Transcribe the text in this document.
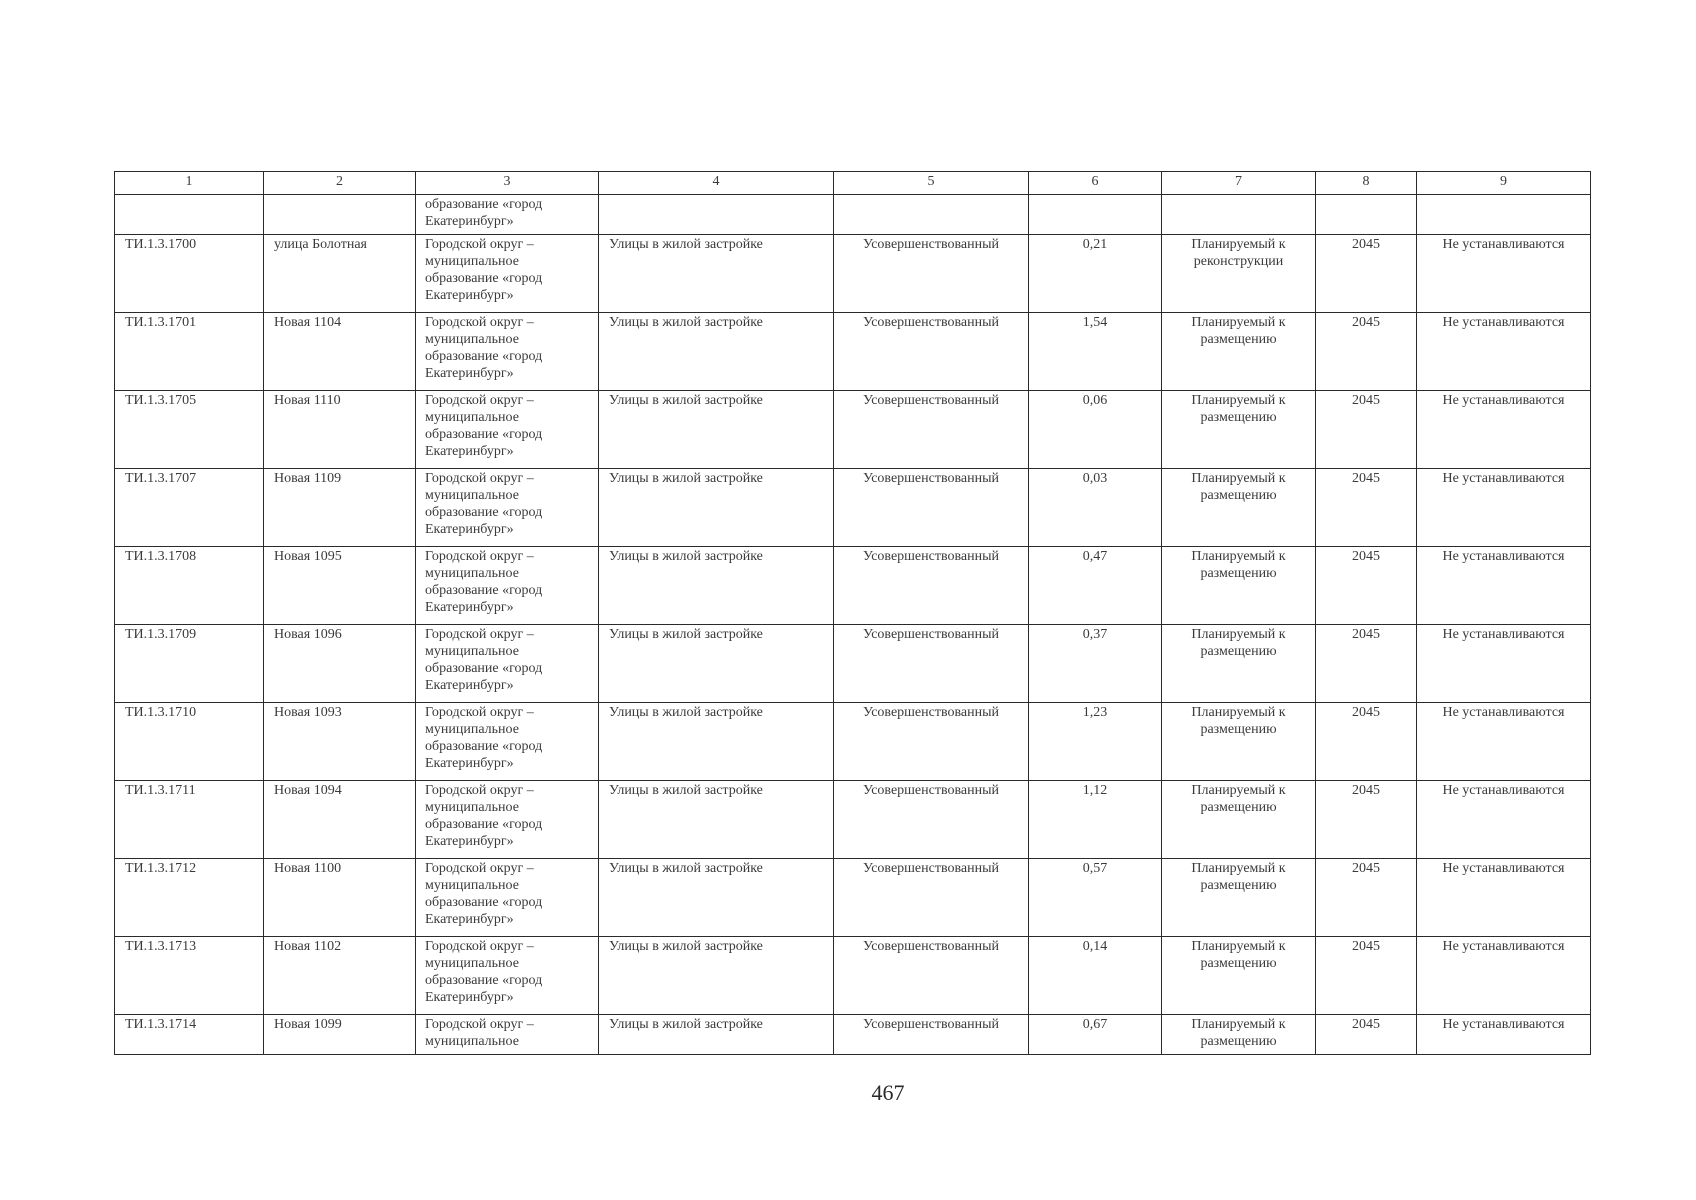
1	2	3	4	5	6	7	8	9
		образование «город Екатеринбург»						
ТИ.1.3.1700	улица Болотная	Городской округ – муниципальное образование «город Екатеринбург»	Улицы в жилой застройке	Усовершенствованный	0,21	Планируемый к реконструкции	2045	Не устанавливаются
ТИ.1.3.1701	Новая 1104	Городской округ – муниципальное образование «город Екатеринбург»	Улицы в жилой застройке	Усовершенствованный	1,54	Планируемый к размещению	2045	Не устанавливаются
ТИ.1.3.1705	Новая 1110	Городской округ – муниципальное образование «город Екатеринбург»	Улицы в жилой застройке	Усовершенствованный	0,06	Планируемый к размещению	2045	Не устанавливаются
ТИ.1.3.1707	Новая 1109	Городской округ – муниципальное образование «город Екатеринбург»	Улицы в жилой застройке	Усовершенствованный	0,03	Планируемый к размещению	2045	Не устанавливаются
ТИ.1.3.1708	Новая 1095	Городской округ – муниципальное образование «город Екатеринбург»	Улицы в жилой застройке	Усовершенствованный	0,47	Планируемый к размещению	2045	Не устанавливаются
ТИ.1.3.1709	Новая 1096	Городской округ – муниципальное образование «город Екатеринбург»	Улицы в жилой застройке	Усовершенствованный	0,37	Планируемый к размещению	2045	Не устанавливаются
ТИ.1.3.1710	Новая 1093	Городской округ – муниципальное образование «город Екатеринбург»	Улицы в жилой застройке	Усовершенствованный	1,23	Планируемый к размещению	2045	Не устанавливаются
ТИ.1.3.1711	Новая 1094	Городской округ – муниципальное образование «город Екатеринбург»	Улицы в жилой застройке	Усовершенствованный	1,12	Планируемый к размещению	2045	Не устанавливаются
ТИ.1.3.1712	Новая 1100	Городской округ – муниципальное образование «город Екатеринбург»	Улицы в жилой застройке	Усовершенствованный	0,57	Планируемый к размещению	2045	Не устанавливаются
ТИ.1.3.1713	Новая 1102	Городской округ – муниципальное образование «город Екатеринбург»	Улицы в жилой застройке	Усовершенствованный	0,14	Планируемый к размещению	2045	Не устанавливаются
ТИ.1.3.1714	Новая 1099	Городской округ – муниципальное	Улицы в жилой застройке	Усовершенствованный	0,67	Планируемый к размещению	2045	Не устанавливаются
467
